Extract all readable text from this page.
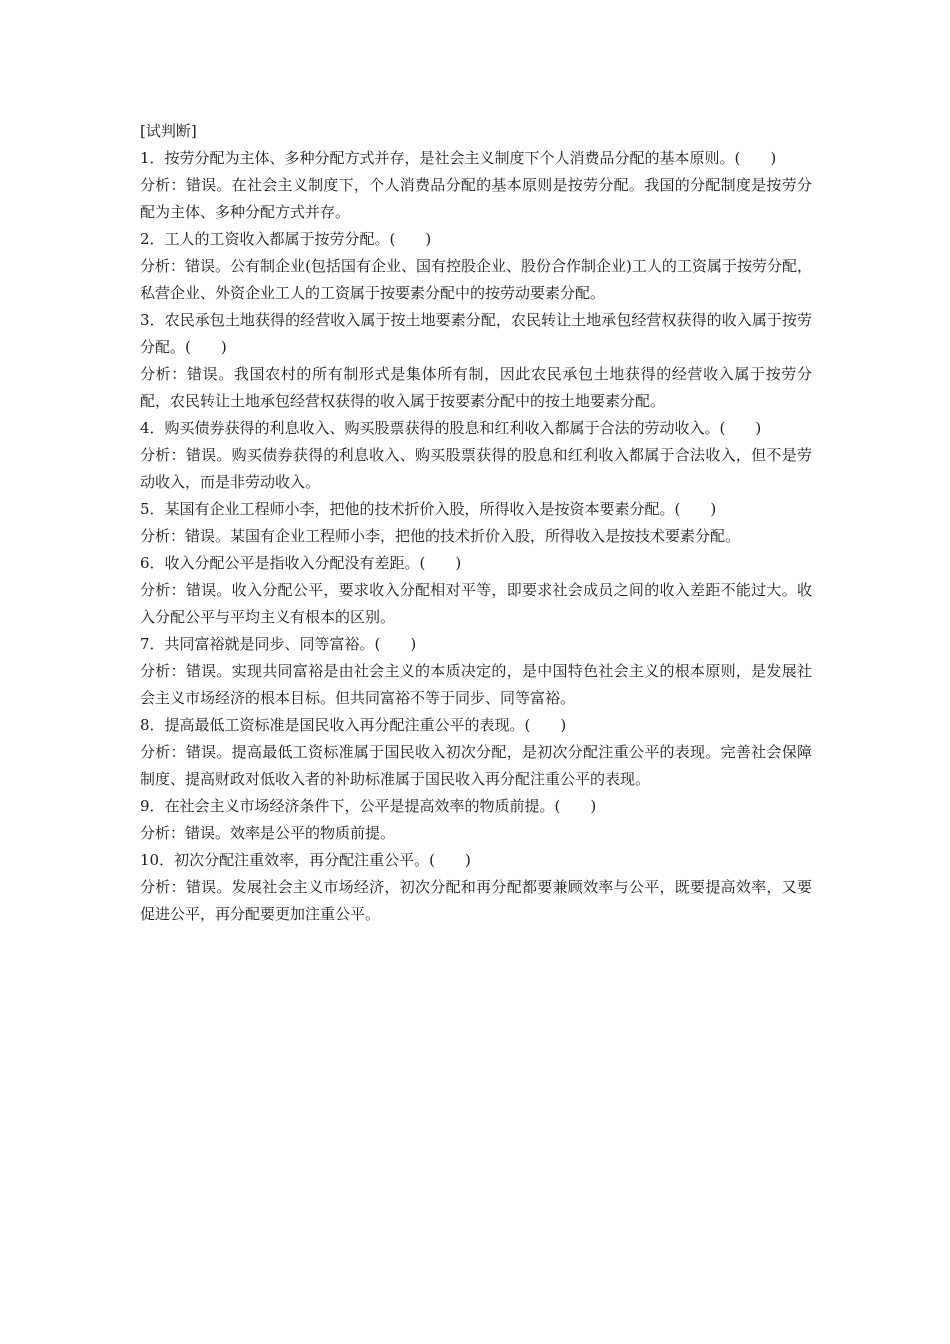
[试判断]

1．按劳分配为主体、多种分配方式并存，是社会主义制度下个人消费品分配的基本原则。(　　)

分析：错误。在社会主义制度下，个人消费品分配的基本原则是按劳分配。我国的分配制度是按劳分配为主体、多种分配方式并存。

2．工人的工资收入都属于按劳分配。(　　)

分析：错误。公有制企业(包括国有企业、国有控股企业、股份合作制企业)工人的工资属于按劳分配，私营企业、外资企业工人的工资属于按要素分配中的按劳动要素分配。

3．农民承包土地获得的经营收入属于按土地要素分配，农民转让土地承包经营权获得的收入属于按劳分配。(　　)

分析：错误。我国农村的所有制形式是集体所有制，因此农民承包土地获得的经营收入属于按劳分配，农民转让土地承包经营权获得的收入属于按要素分配中的按土地要素分配。

4．购买债券获得的利息收入、购买股票获得的股息和红利收入都属于合法的劳动收入。(　　)

分析：错误。购买债券获得的利息收入、购买股票获得的股息和红利收入都属于合法收入，但不是劳动收入，而是非劳动收入。

5．某国有企业工程师小李，把他的技术折价入股，所得收入是按资本要素分配。(　　)

分析：错误。某国有企业工程师小李，把他的技术折价入股，所得收入是按技术要素分配。

6．收入分配公平是指收入分配没有差距。(　　)

分析：错误。收入分配公平，要求收入分配相对平等，即要求社会成员之间的收入差距不能过大。收入分配公平与平均主义有根本的区别。

7．共同富裕就是同步、同等富裕。(　　)

分析：错误。实现共同富裕是由社会主义的本质决定的，是中国特色社会主义的根本原则，是发展社会主义市场经济的根本目标。但共同富裕不等于同步、同等富裕。

8．提高最低工资标准是国民收入再分配注重公平的表现。(　　)

分析：错误。提高最低工资标准属于国民收入初次分配，是初次分配注重公平的表现。完善社会保障制度、提高财政对低收入者的补助标准属于国民收入再分配注重公平的表现。

9．在社会主义市场经济条件下，公平是提高效率的物质前提。(　　)

分析：错误。效率是公平的物质前提。

10．初次分配注重效率，再分配注重公平。(　　)

分析：错误。发展社会主义市场经济，初次分配和再分配都要兼顾效率与公平，既要提高效率，又要促进公平，再分配要更加注重公平。
